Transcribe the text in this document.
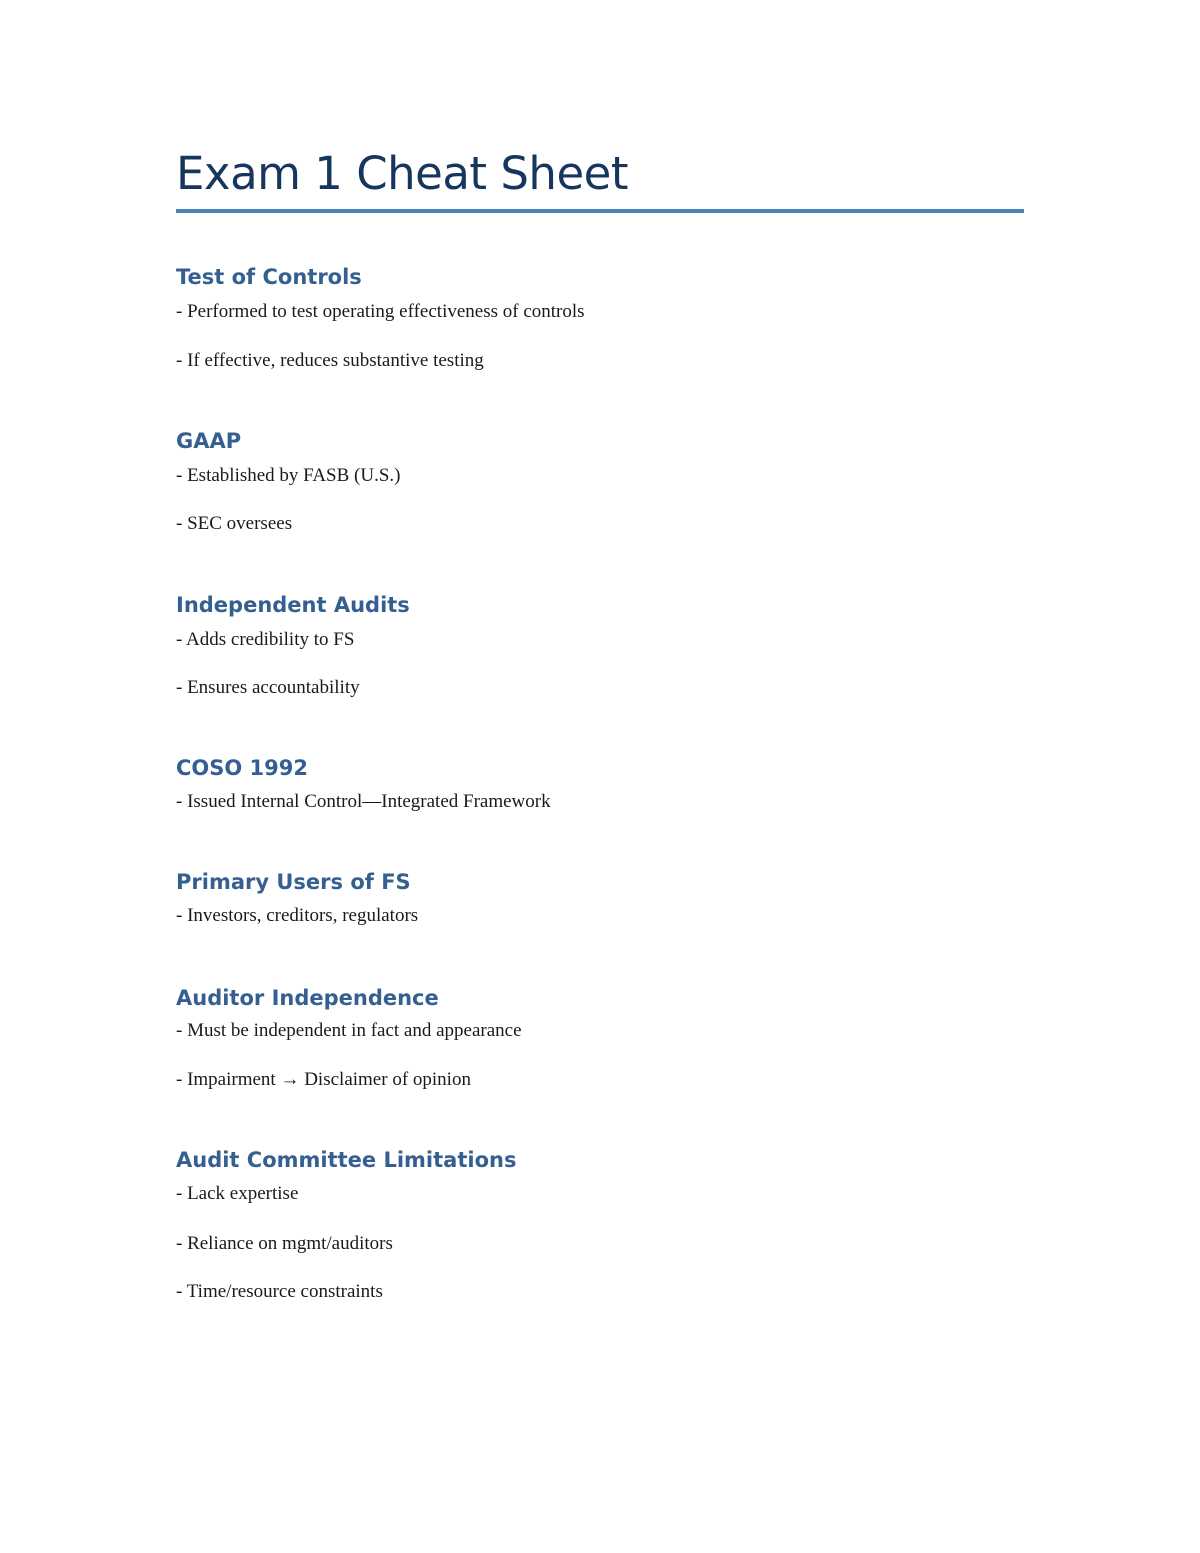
Exam 1 Cheat Sheet
Test of Controls

- Performed to test operating effectiveness of controls

- If effective, reduces substantive testing

GAAP

- Established by FASB (U.S.)

- SEC oversees

Independent Audits

- Adds credibility to FS

- Ensures accountability

COSO 1992

- Issued Internal Control—Integrated Framework

Primary Users of FS

- Investors, creditors, regulators

Auditor Independence

- Must be independent in fact and appearance

- Impairment → Disclaimer of opinion

Audit Committee Limitations

- Lack expertise

- Reliance on mgmt/auditors

- Time/resource constraints
